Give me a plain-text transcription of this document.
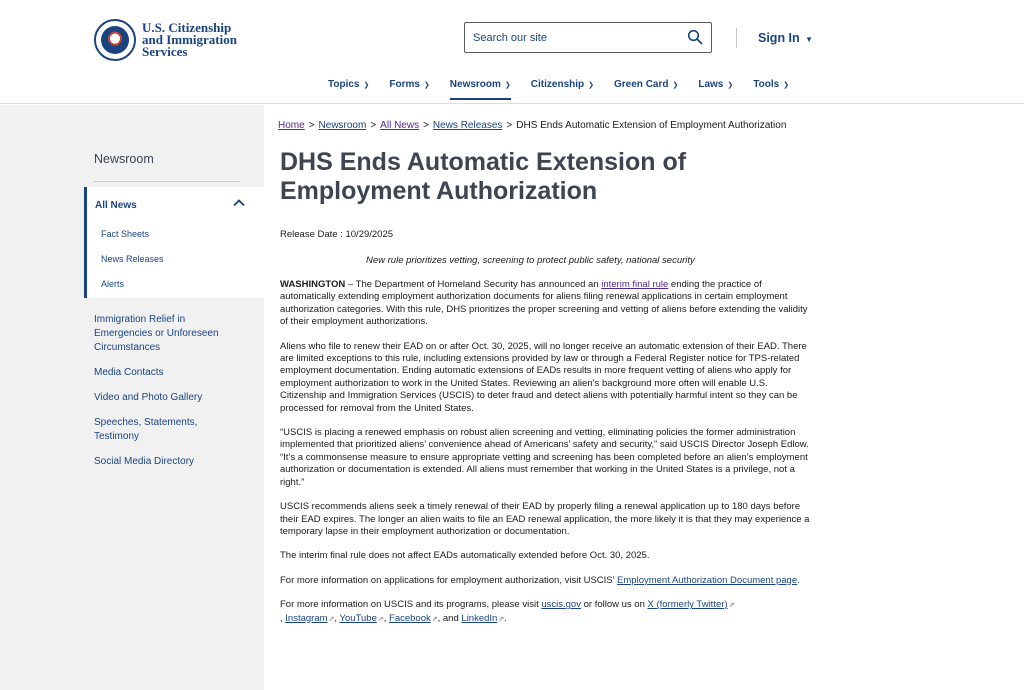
U.S. Citizenship
and Immigration
Services
Search our site
Sign In ▼
Topics ❯ Forms ❯ Newsroom ❯ Citizenship ❯ Green Card ❯ Laws ❯ Tools ❯
Newsroom
All News
Fact Sheets
News Releases
Alerts
Immigration Relief in Emergencies or Unforeseen Circumstances
Media Contacts
Video and Photo Gallery
Speeches, Statements, Testimony
Social Media Directory
Home > Newsroom > All News > News Releases > DHS Ends Automatic Extension of Employment Authorization
DHS Ends Automatic Extension of Employment Authorization
Release Date : 10/29/2025
New rule prioritizes vetting, screening to protect public safety, national security

WASHINGTON – The Department of Homeland Security has announced an interim final rule ending the practice of automatically extending employment authorization documents for aliens filing renewal applications in certain employment authorization categories. With this rule, DHS prioritizes the proper screening and vetting of aliens before extending the validity of their employment authorizations.

Aliens who file to renew their EAD on or after Oct. 30, 2025, will no longer receive an automatic extension of their EAD. There are limited exceptions to this rule, including extensions provided by law or through a Federal Register notice for TPS-related employment documentation. Ending automatic extensions of EADs results in more frequent vetting of aliens who apply for employment authorization to work in the United States. Reviewing an alien’s background more often will enable U.S. Citizenship and Immigration Services (USCIS) to deter fraud and detect aliens with potentially harmful intent so they can be processed for removal from the United States.

“USCIS is placing a renewed emphasis on robust alien screening and vetting, eliminating policies the former administration implemented that prioritized aliens’ convenience ahead of Americans’ safety and security,” said USCIS Director Joseph Edlow. “It’s a commonsense measure to ensure appropriate vetting and screening has been completed before an alien’s employment authorization or documentation is extended. All aliens must remember that working in the United States is a privilege, not a right.”

USCIS recommends aliens seek a timely renewal of their EAD by properly filing a renewal application up to 180 days before their EAD expires. The longer an alien waits to file an EAD renewal application, the more likely it is that they may experience a temporary lapse in their employment authorization or documentation.

The interim final rule does not affect EADs automatically extended before Oct. 30, 2025.

For more information on applications for employment authorization, visit USCIS’ Employment Authorization Document page.

For more information on USCIS and its programs, please visit uscis.gov or follow us on X (formerly Twitter)⇗
, Instagram⇗, YouTube⇗, Facebook⇗, and LinkedIn⇗.
